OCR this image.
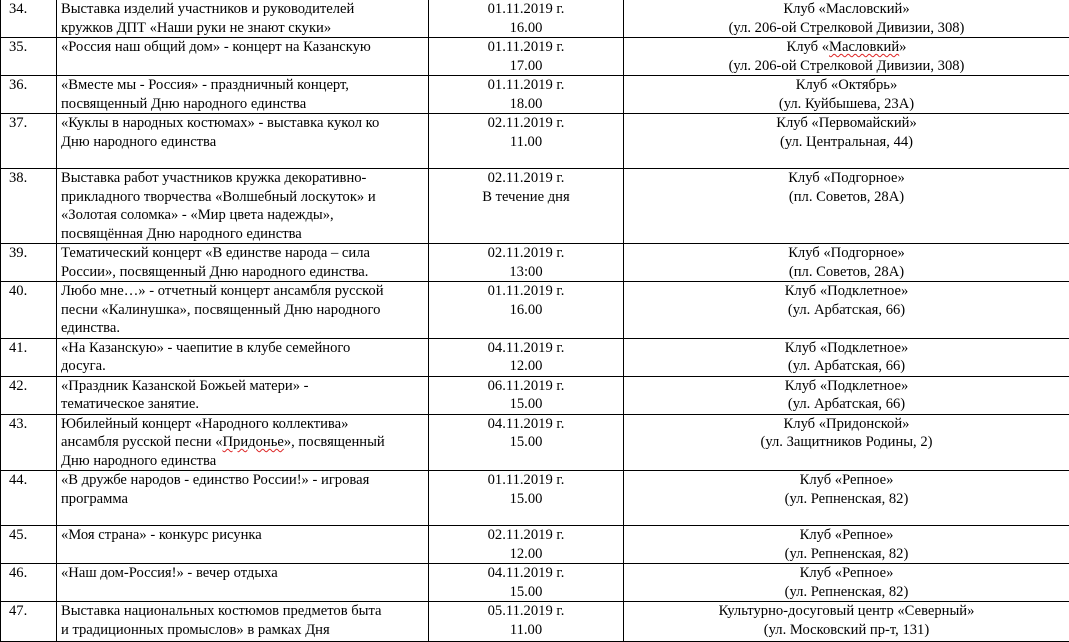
34.	Выставка изделий участников и руководителей
кружков ДПТ «Наши руки не знают скуки»	01.11.2019 г.
16.00	Клуб «Масловский»
(ул. 206-ой Стрелковой Дивизии, 308)

35.	«Россия наш общий дом» - концерт на Казанскую	01.11.2019 г.
17.00	Клуб «Масловкий»
(ул. 206-ой Стрелковой Дивизии, 308)

36.	«Вместе мы - Россия» - праздничный концерт,
посвященный Дню народного единства	01.11.2019 г.
18.00	Клуб «Октябрь»
(ул. Куйбышева, 23А)

37.	«Куклы в народных костюмах» - выставка кукол ко
Дню народного единства	02.11.2019 г.
11.00	Клуб «Первомайский»
(ул. Центральная, 44)

38.	Выставка работ участников кружка декоративно-
прикладного творчества «Волшебный лоскуток» и
«Золотая соломка» - «Мир цвета надежды»,
посвящённая Дню народного единства	02.11.2019 г.
В течение дня	Клуб «Подгорное»
(пл. Советов, 28А)

39.	Тематический концерт «В единстве народа – сила
России», посвященный Дню народного единства.	02.11.2019 г.
13:00	Клуб «Подгорное»
(пл. Советов, 28А)

40.	Любо мне…» - отчетный концерт ансамбля русской
песни «Калинушка», посвященный Дню народного
единства.	01.11.2019 г.
16.00	Клуб «Подклетное»
(ул. Арбатская, 66)

41.	«На Казанскую» - чаепитие в клубе семейного
досуга.	04.11.2019 г.
12.00	Клуб «Подклетное»
(ул. Арбатская, 66)

42.	«Праздник Казанской Божьей матери» -
тематическое занятие.	06.11.2019 г.
15.00	Клуб «Подклетное»
(ул. Арбатская, 66)

43.	Юбилейный концерт «Народного коллектива»
ансамбля русской песни «Придонье», посвященный
Дню народного единства	04.11.2019 г.
15.00	Клуб «Придонской»
(ул. Защитников Родины, 2)

44.	«В дружбе народов - единство России!» - игровая
программа	01.11.2019 г.
15.00	Клуб «Репное»
(ул. Репненская, 82)

45.	«Моя страна» - конкурс рисунка	02.11.2019 г.
12.00	Клуб «Репное»
(ул. Репненская, 82)

46.	«Наш дом-Россия!» - вечер отдыха	04.11.2019 г.
15.00	Клуб «Репное»
(ул. Репненская, 82)

47.	Выставка национальных костюмов предметов быта
и традиционных промыслов» в рамках Дня	05.11.2019 г.
11.00	Культурно-досуговый центр «Северный»
(ул. Московский пр-т, 131)
